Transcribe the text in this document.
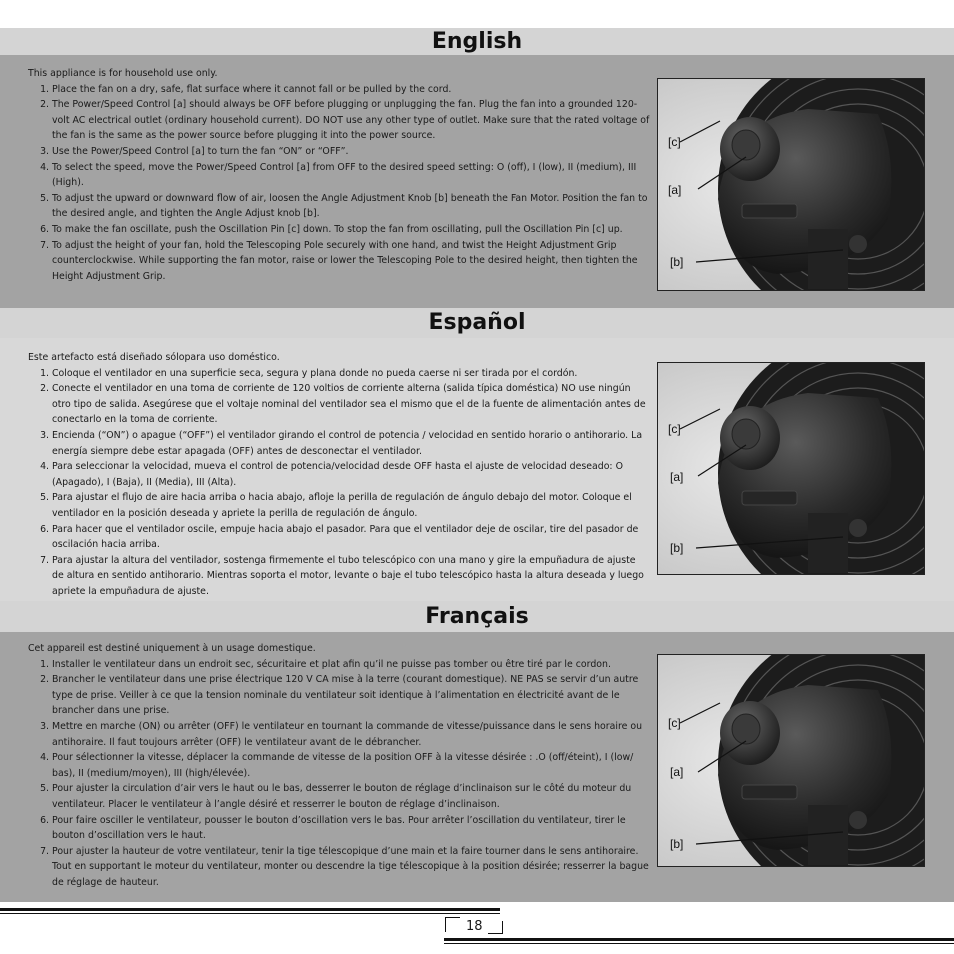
English

This appliance is for household use only.

1. Place the fan on a dry, safe, flat surface where it cannot fall or be pulled by the cord.
2. The Power/Speed Control [a] should always be OFF before plugging or unplugging the fan. Plug the fan into a grounded 120-volt AC electrical outlet (ordinary household current). DO NOT use any other type of outlet. Make sure that the rated voltage of the fan is the same as the power source before plugging it into the power source.
3. Use the Power/Speed Control [a] to turn the fan “ON” or “OFF”.
4. To select the speed, move the Power/Speed Control [a] from OFF to the desired speed setting: O (off), I (low), II (medium), III (High).
5. To adjust the upward or downward flow of air, loosen the Angle Adjustment Knob [b] beneath the Fan Motor. Position the fan to the desired angle, and tighten the Angle Adjust knob [b].
6. To make the fan oscillate, push the Oscillation Pin [c] down. To stop the fan from oscillating, pull the Oscillation Pin [c] up.
7. To adjust the height of your fan, hold the Telescoping Pole securely with one hand, and twist the Height Adjustment Grip counterclockwise. While supporting the fan motor, raise or lower the Telescoping Pole to the desired height, then tighten the Height Adjustment Grip.
[c]
[a]
[b]
Español

Este artefacto está diseñado sólopara uso doméstico.

1. Coloque el ventilador en una superficie seca, segura y plana donde no pueda caerse ni ser tirada por el cordón.
2. Conecte el ventilador en una toma de corriente de 120 voltios de corriente alterna (salida típica doméstica) NO use ningún otro tipo de salida. Asegúrese que el voltaje nominal del ventilador sea el mismo que el de la fuente de alimentación antes de conectarlo en la toma de corriente.
3. Encienda (“ON”) o apague (“OFF”) el ventilador girando el control de potencia / velocidad en sentido horario o antihorario. La energía siempre debe estar apagada (OFF) antes de desconectar el ventilador.
4. Para seleccionar la velocidad, mueva el control de potencia/velocidad desde OFF hasta el ajuste de velocidad deseado: O (Apagado), I (Baja), II (Media), III (Alta).
5. Para ajustar el flujo de aire hacia arriba o hacia abajo, afloje la perilla de regulación de ángulo debajo del motor. Coloque el ventilador en la posición deseada y apriete la perilla de regulación de ángulo.
6. Para hacer que el ventilador oscile, empuje hacia abajo el pasador. Para que el ventilador deje de oscilar, tire del pasador de oscilación hacia arriba.
7. Para ajustar la altura del ventilador, sostenga firmemente el tubo telescópico con una mano y gire la empuñadura de ajuste de altura en sentido antihorario. Mientras soporta el motor, levante o baje el tubo telescópico hasta la altura deseada y luego apriete la empuñadura de ajuste.
[c]
[a]
[b]
Français

Cet appareil est destiné uniquement à un usage domestique.

1. Installer le ventilateur dans un endroit sec, sécuritaire et plat afin qu’il ne puisse pas tomber ou être tiré par le cordon.
2. Brancher le ventilateur dans une prise électrique 120 V CA mise à la terre (courant domestique). NE PAS se servir d’un autre type de prise. Veiller à ce que la tension nominale du ventilateur soit identique à l’alimentation en électricité avant de le brancher dans une prise.
3. Mettre en marche (ON) ou arrêter (OFF) le ventilateur en tournant la commande de vitesse/puissance dans le sens horaire ou antihoraire. Il faut toujours arrêter (OFF) le ventilateur avant de le débrancher.
4. Pour sélectionner la vitesse, déplacer la commande de vitesse de la position OFF à la vitesse désirée : .O (off/éteint), I (low/ bas), II (medium/moyen), III (high/élevée).
5. Pour ajuster la circulation d’air vers le haut ou le bas, desserrer le bouton de réglage d’inclinaison sur le côté du moteur du ventilateur. Placer le ventilateur à l’angle désiré et resserrer le bouton de réglage d’inclinaison.
6. Pour faire osciller le ventilateur, pousser le bouton d’oscillation vers le bas. Pour arrêter l’oscillation du ventilateur, tirer le bouton d’oscillation vers le haut.
7. Pour ajuster la hauteur de votre ventilateur, tenir la tige télescopique d’une main et la faire tourner dans le sens antihoraire. Tout en supportant le moteur du ventilateur, monter ou descendre la tige télescopique à la position désirée; resserrer la bague de réglage de hauteur.
[c]
[a]
[b]
18
